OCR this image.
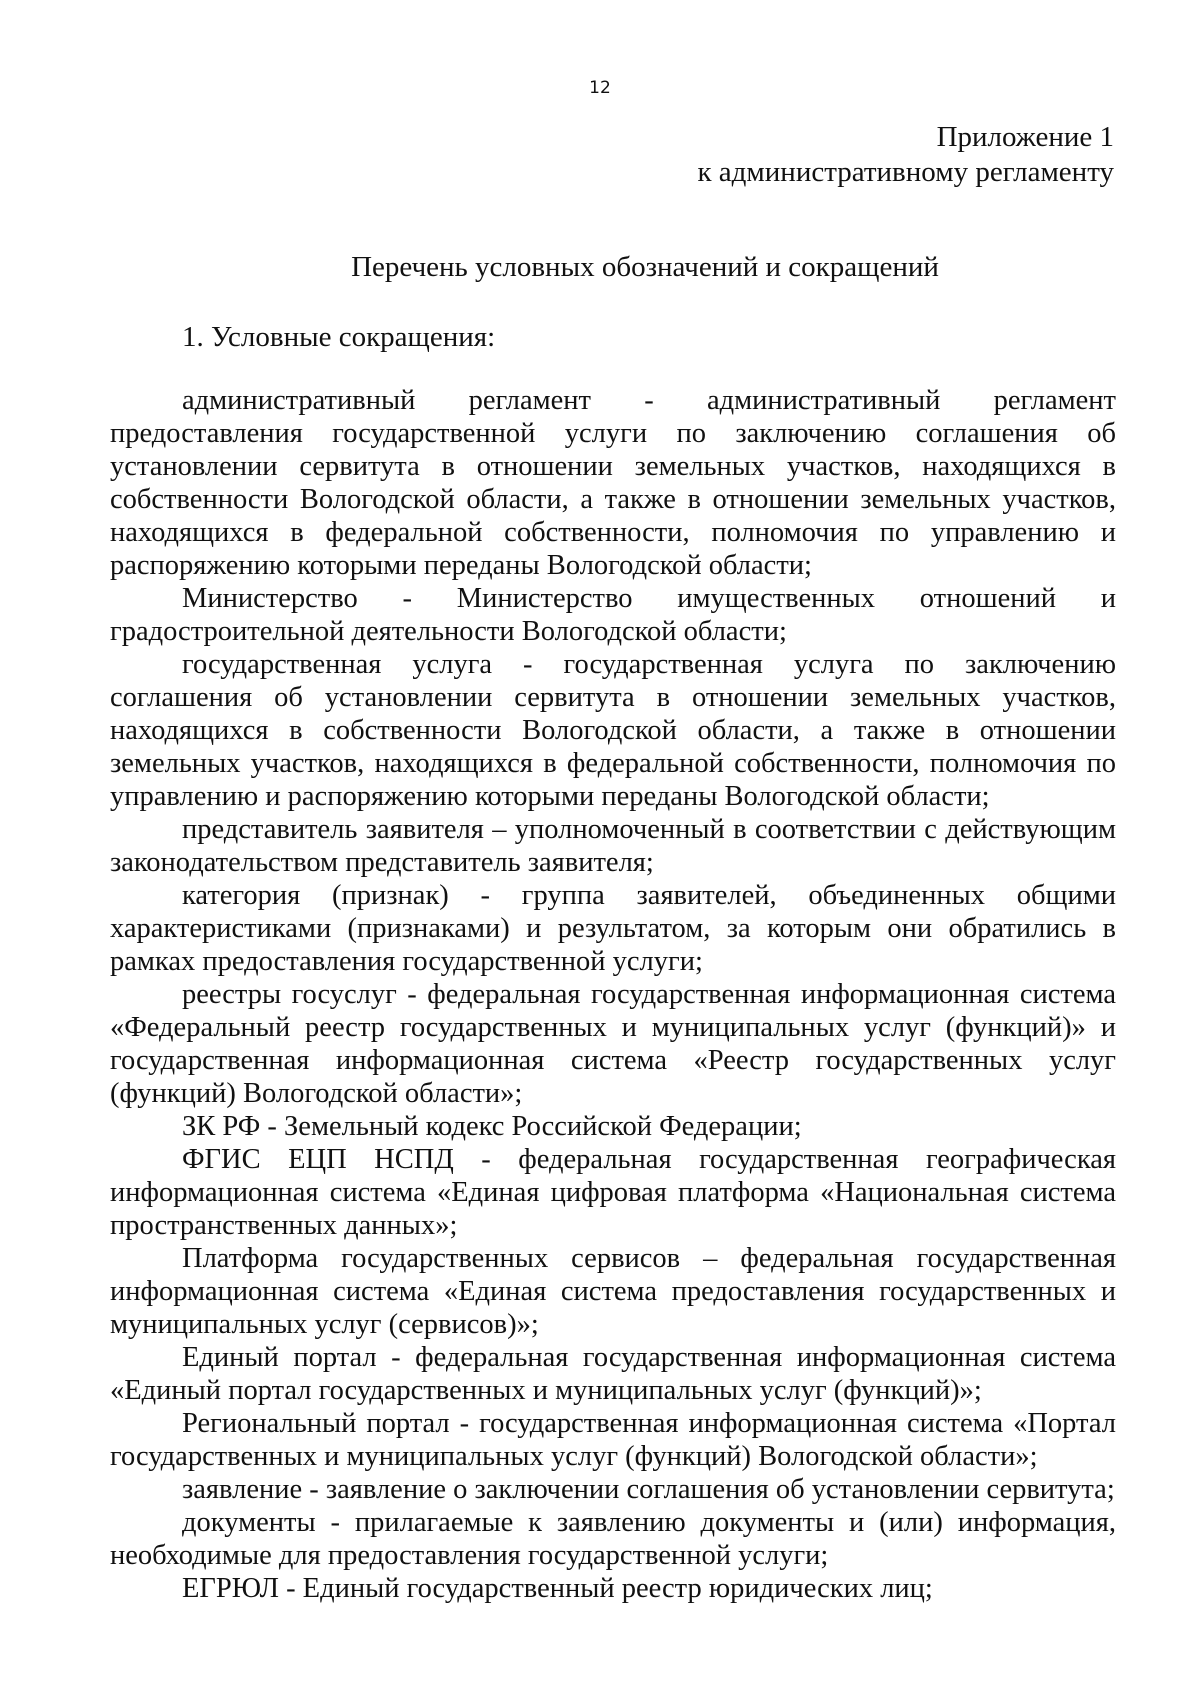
12
Приложение 1
к административному регламенту
Перечень условных обозначений и сокращений
1. Условные сокращения:

административный регламент - административный регламент предоставления государственной услуги по заключению соглашения об установлении сервитута в отношении земельных участков, находящихся в собственности Вологодской области, а также в отношении земельных участков, находящихся в федеральной собственности, полномочия по управлению и распоряжению которыми переданы Вологодской области;

Министерство - Министерство имущественных отношений и градостроительной деятельности Вологодской области;

государственная услуга - государственная услуга по заключению соглашения об установлении сервитута в отношении земельных участков, находящихся в собственности Вологодской области, а также в отношении земельных участков, находящихся в федеральной собственности, полномочия по управлению и распоряжению которыми переданы Вологодской области;

представитель заявителя – уполномоченный в соответствии с действующим законодательством представитель заявителя;

категория (признак) - группа заявителей, объединенных общими характеристиками (признаками) и результатом, за которым они обратились в рамках предоставления государственной услуги;

реестры госуслуг - федеральная государственная информационная система «Федеральный реестр государственных и муниципальных услуг (функций)» и государственная информационная система «Реестр государственных услуг (функций) Вологодской области»;

ЗК РФ - Земельный кодекс Российской Федерации;

ФГИС ЕЦП НСПД - федеральная государственная географическая информационная система «Единая цифровая платформа «Национальная система пространственных данных»;

Платформа государственных сервисов – федеральная государственная информационная система «Единая система предоставления государственных и муниципальных услуг (сервисов)»;

Единый портал - федеральная государственная информационная система «Единый портал государственных и муниципальных услуг (функций)»;

Региональный портал - государственная информационная система «Портал государственных и муниципальных услуг (функций) Вологодской области»;

заявление - заявление о заключении соглашения об установлении сервитута;

документы - прилагаемые к заявлению документы и (или) информация, необходимые для предоставления государственной услуги;

ЕГРЮЛ - Единый государственный реестр юридических лиц;
